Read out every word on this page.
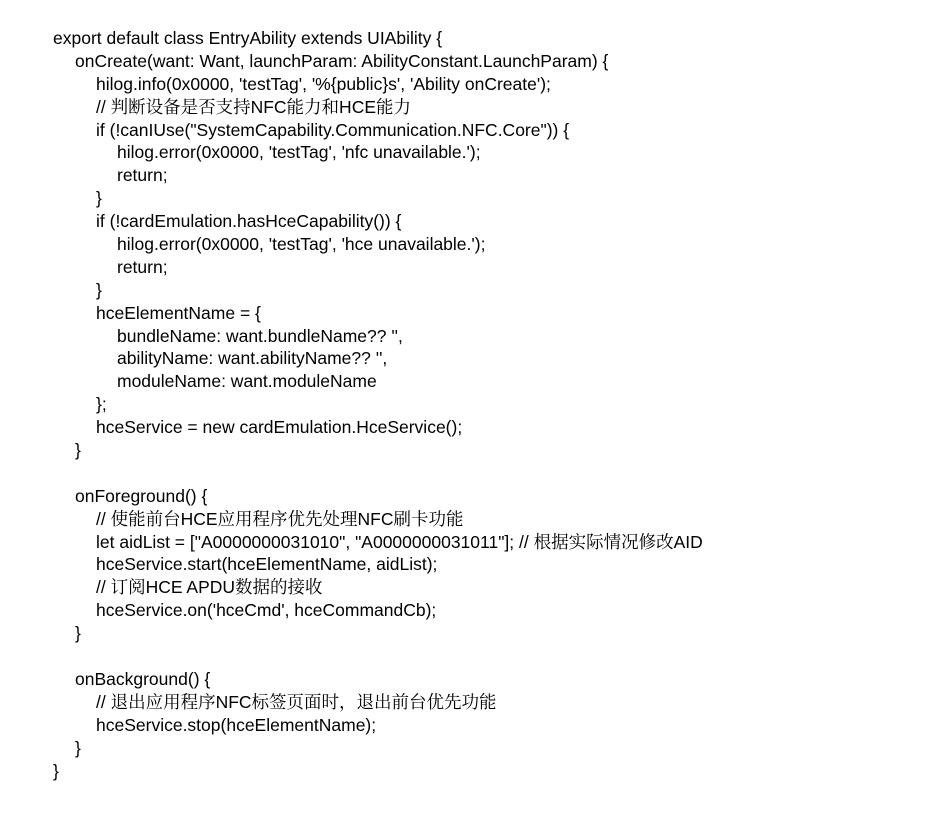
export default class EntryAbility extends UIAbility {
onCreate(want: Want, launchParam: AbilityConstant.LaunchParam) {
hilog.info(0x0000, 'testTag', '%{public}s', 'Ability onCreate');
// 判断设备是否支持NFC能力和HCE能力
if (!canIUse("SystemCapability.Communication.NFC.Core")) {
hilog.error(0x0000, 'testTag', 'nfc unavailable.');
return;
}
if (!cardEmulation.hasHceCapability()) {
hilog.error(0x0000, 'testTag', 'hce unavailable.');
return;
}
hceElementName = {
bundleName: want.bundleName?? '',
abilityName: want.abilityName?? '',
moduleName: want.moduleName
};
hceService = new cardEmulation.HceService();
}
onForeground() {
// 使能前台HCE应用程序优先处理NFC刷卡功能
let aidList = ["A0000000031010", "A0000000031011"]; // 根据实际情况修改AID
hceService.start(hceElementName, aidList);
// 订阅HCE APDU数据的接收
hceService.on('hceCmd', hceCommandCb);
}
onBackground() {
// 退出应用程序NFC标签页面时，退出前台优先功能
hceService.stop(hceElementName);
}
}
